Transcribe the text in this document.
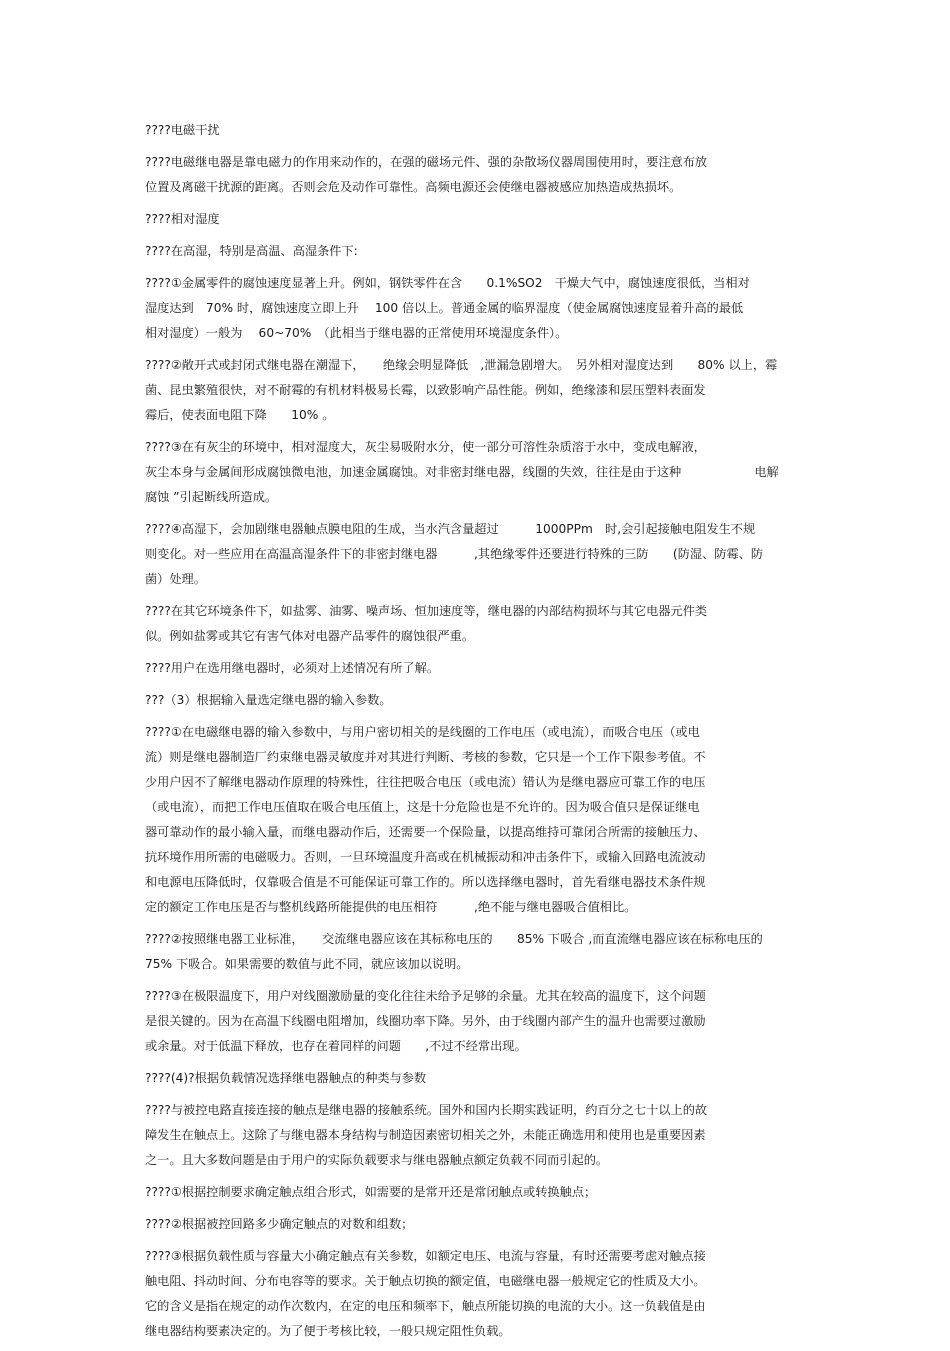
????电磁干扰

????电磁继电器是靠电磁力的作用来动作的，在强的磁场元件、强的杂散场仪器周围使用时，要注意布放
位置及离磁干扰源的距离。否则会危及动作可靠性。高频电源还会使继电器被感应加热造成热损坏。

????相对湿度

????在高湿，特别是高温、高湿条件下:

????①金属零件的腐蚀速度显著上升。例如，钢铁零件在含　　0.1%SO2　干燥大气中，腐蚀速度很低，当相对
湿度达到　70% 时，腐蚀速度立即上升　 100 倍以上。普通金属的临界湿度（使金属腐蚀速度显着升高的最低
相对湿度）一般为　 60~70%　（此相当于继电器的正常使用环境湿度条件）。

????②敞开式或封闭式继电器在潮湿下，　　绝缘会明显降低　,泄漏急剧增大。　另外相对湿度达到　　80% 以上，霉
菌、昆虫繁殖很快，对不耐霉的有机材料极易长霉，以致影响产品性能。例如，绝缘漆和层压塑料表面发
霉后，使表面电阻下降　　10% 。

????③在有灰尘的环境中，相对湿度大，灰尘易吸附水分，使一部分可溶性杂质溶于水中，变成电解液，
灰尘本身与金属间形成腐蚀微电池，加速金属腐蚀。对非密封继电器，线圈的失效，往往是由于这种　　　　　　电解
腐蚀 ”引起断线所造成。

????④高湿下，会加剧继电器触点膜电阻的生成，当水汽含量超过　　　1000PPm　时,会引起接触电阻发生不规
则变化。对一些应用在高温高湿条件下的非密封继电器　　　,其绝缘零件还要进行特殊的三防　　(防湿、防霉、防
菌）处理。

????在其它环境条件下，如盐雾、油雾、噪声场、恒加速度等，继电器的内部结构损坏与其它电器元件类
似。例如盐雾或其它有害气体对电器产品零件的腐蚀很严重。

????用户在选用继电器时，必须对上述情况有所了解。

???（3）根据输入量选定继电器的输入参数。

????①在电磁继电器的输入参数中，与用户密切相关的是线圈的工作电压（或电流），而吸合电压（或电
流）则是继电器制造厂约束继电器灵敏度并对其进行判断、考核的参数，它只是一个工作下限参考值。不
少用户因不了解继电器动作原理的特殊性，往往把吸合电压（或电流）错认为是继电器应可靠工作的电压
（或电流），而把工作电压值取在吸合电压值上，这是十分危险也是不允许的。因为吸合值只是保证继电
器可靠动作的最小输入量，而继电器动作后，还需要一个保险量，以提高维持可靠闭合所需的接触压力、
抗环境作用所需的电磁吸力。否则，一旦环境温度升高或在机械振动和冲击条件下，或输入回路电流波动
和电源电压降低时，仅靠吸合值是不可能保证可靠工作的。所以选择继电器时，首先看继电器技术条件规
定的额定工作电压是否与整机线路所能提供的电压相符　　　,绝不能与继电器吸合值相比。

????②按照继电器工业标准，　　交流继电器应该在其标称电压的　　85% 下吸合 ,而直流继电器应该在标称电压的
75% 下吸合。如果需要的数值与此不同，就应该加以说明。

????③在极限温度下，用户对线圈激励量的变化往往未给予足够的余量。尤其在较高的温度下，这个问题
是很关键的。因为在高温下线圈电阻增加，线圈功率下降。另外，由于线圈内部产生的温升也需要过激励
或余量。对于低温下释放，也存在着同样的问题　　,不过不经常出现。

????(4)?根据负载情况选择继电器触点的种类与参数

????与被控电路直接连接的触点是继电器的接触系统。国外和国内长期实践证明，约百分之七十以上的故
障发生在触点上。这除了与继电器本身结构与制造因素密切相关之外，未能正确选用和使用也是重要因素
之一。且大多数问题是由于用户的实际负载要求与继电器触点额定负载不同而引起的。

????①根据控制要求确定触点组合形式，如需要的是常开还是常闭触点或转换触点；

????②根据被控回路多少确定触点的对数和组数；

????③根据负载性质与容量大小确定触点有关参数，如额定电压、电流与容量，有时还需要考虑对触点接
触电阻、抖动时间、分布电容等的要求。关于触点切换的额定值，电磁继电器一般规定它的性质及大小。
它的含义是指在规定的动作次数内，在定的电压和频率下，触点所能切换的电流的大小。这一负载值是由
继电器结构要素决定的。为了便于考核比较，一般只规定阻性负载。
